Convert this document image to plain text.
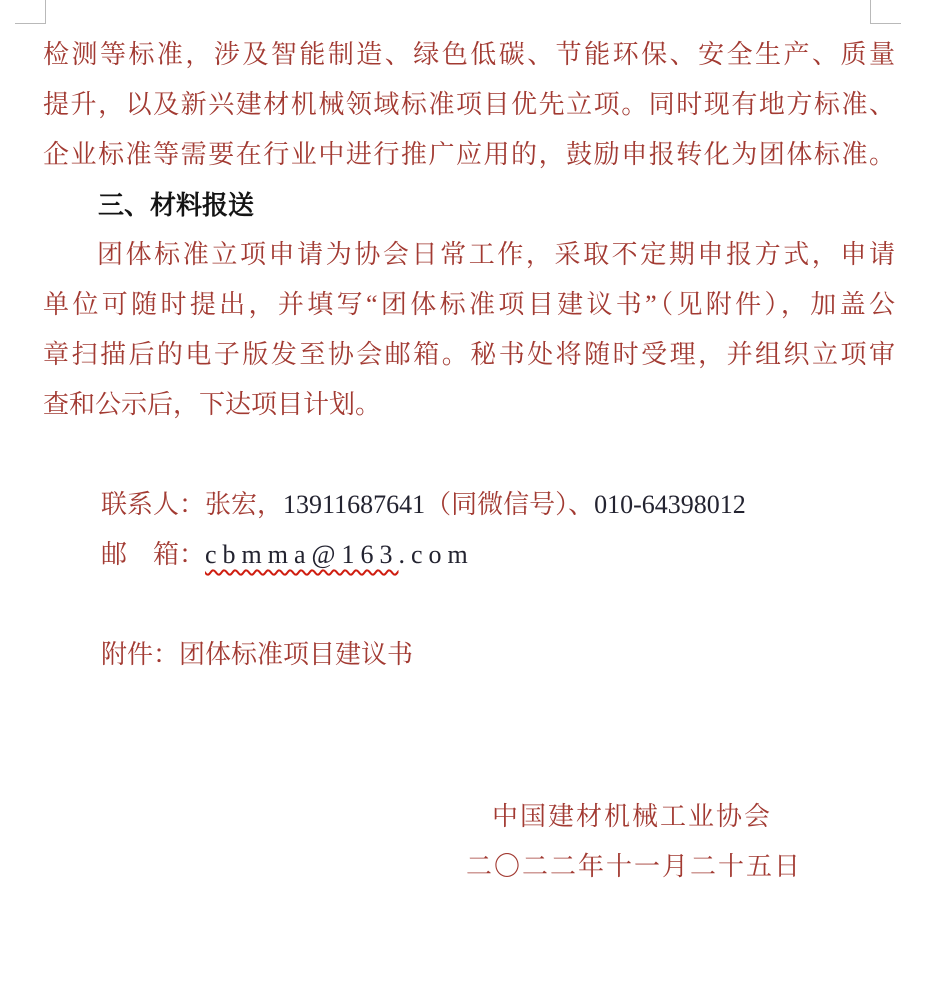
检测等标准，涉及智能制造、绿色低碳、节能环保、安全生产、质量
提升，以及新兴建材机械领域标准项目优先立项。同时现有地方标准、
企业标准等需要在行业中进行推广应用的，鼓励申报转化为团体标准。
三、材料报送
团体标准立项申请为协会日常工作，采取不定期申报方式，申请
单位可随时提出，并填写“团体标准项目建议书”（见附件），加盖公
章扫描后的电子版发至协会邮箱。秘书处将随时受理，并组织立项审
查和公示后，下达项目计划。
联系人：张宏，13911687641（同微信号）、010-64398012
邮　箱：cbmma@163.com
附件：团体标准项目建议书
中国建材机械工业协会
二〇二二年十一月二十五日
